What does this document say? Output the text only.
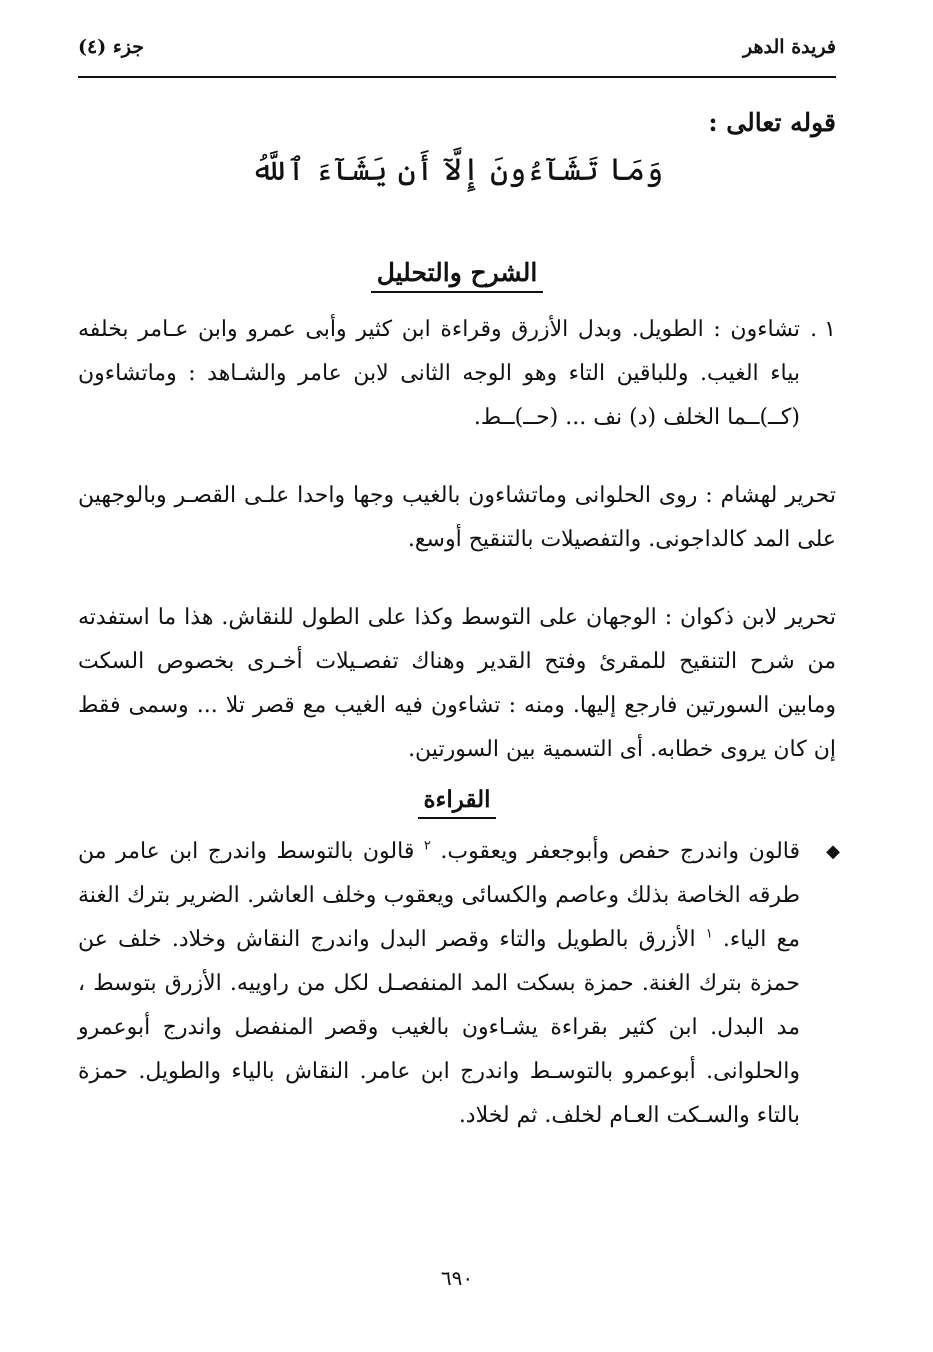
فريدة الدهر
جزء (٤)
قوله تعالى :
وَمَا تَشَآءُونَ إِلَّآ أَن يَشَآءَ ٱللَّهُ
الشرح والتحليل
١ .
تشاءون : الطويل. وبدل الأزرق وقراءة ابن كثير وأبى عمرو وابن عـامر بخلفه بياء الغيب. وللباقين التاء وهو الوجه الثانى لابن عامر والشـاهد : وماتشاءون (كــ)ــما الخلف (د) نف ... (حــ)ــط.
تحرير لهشام : روى الحلوانى وماتشاءون بالغيب وجها واحدا علـى القصـر وبالوجهين على المد كالداجونى. والتفصيلات بالتنقيح أوسع.
تحرير لابن ذكوان : الوجهان على التوسط وكذا على الطول للنقاش. هذا ما استفدته من شرح التنقيح للمقرئ وفتح القدير وهناك تفصـيلات أخـرى بخصوص السكت ومابين السورتين فارجع إليها. ومنه : تشاءون فيه الغيب مع قصر تلا ... وسمى فقط إن كان يروى خطابه. أى التسمية بين السورتين.
القراءة
◆
قالون واندرج حفص وأبوجعفر ويعقوب. $^٢$ قالون بالتوسط واندرج ابن عامر من طرقه الخاصة بذلك وعاصم والكسائى ويعقوب وخلف العاشر. الضرير بترك الغنة مع الياء. $^١$ الأزرق بالطويل والتاء وقصر البدل واندرج النقاش وخلاد. خلف عن حمزة بترك الغنة. حمزة بسكت المد المنفصـل لكل من راوييه. الأزرق بتوسط ، مد البدل. ابن كثير بقراءة يشـاءون بالغيب وقصر المنفصل واندرج أبوعمرو والحلوانى. أبوعمرو بالتوسـط واندرج ابن عامر. النقاش بالياء والطويل. حمزة بالتاء والسـكت العـام لخلف. ثم لخلاد.
٦٩٠
